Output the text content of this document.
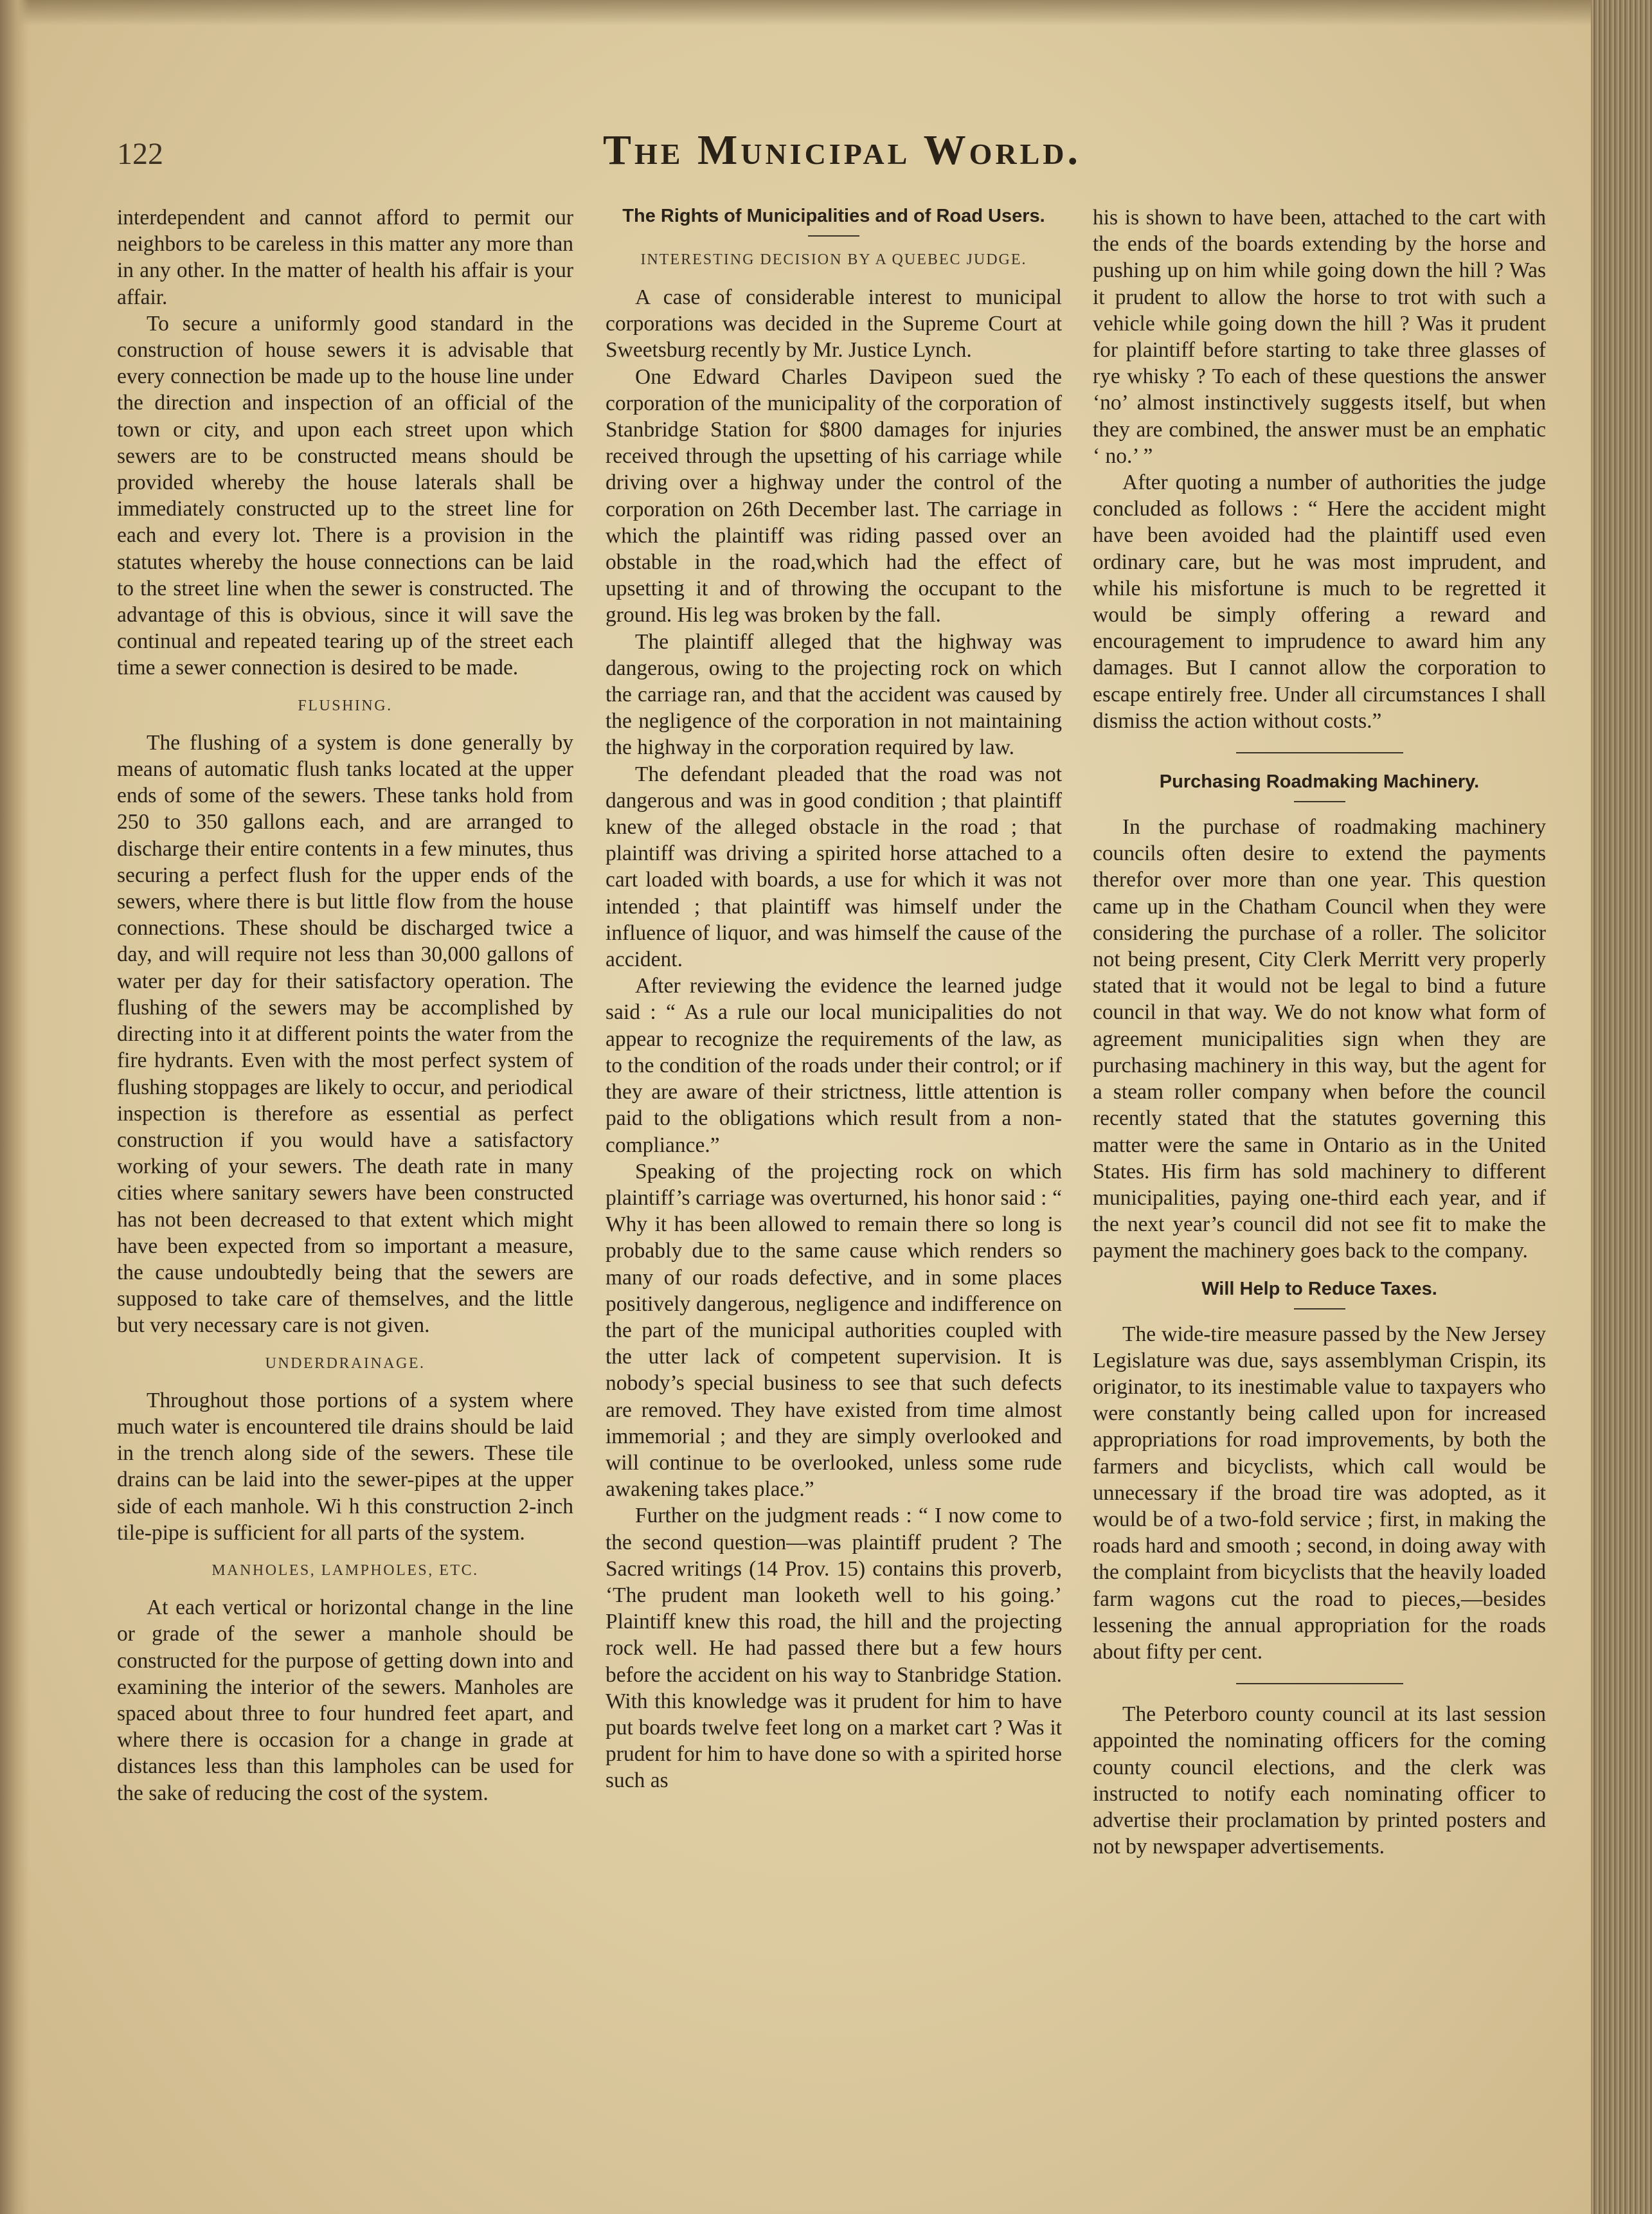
122	The Municipal World.

interdependent and cannot afford to permit our neighbors to be careless in this matter any more than in any other. In the matter of health his affair is your affair.

To secure a uniformly good standard in the construction of house sewers it is advisable that every connection be made up to the house line under the direction and inspection of an official of the town or city, and upon each street upon which sewers are to be constructed means should be provided whereby the house laterals shall be immediately constructed up to the street line for each and every lot. There is a provision in the statutes whereby the house connections can be laid to the street line when the sewer is constructed. The advantage of this is obvious, since it will save the continual and repeated tearing up of the street each time a sewer connection is desired to be made.

FLUSHING.

The flushing of a system is done generally by means of automatic flush tanks located at the upper ends of some of the sewers. These tanks hold from 250 to 350 gallons each, and are arranged to discharge their entire contents in a few minutes, thus securing a perfect flush for the upper ends of the sewers, where there is but little flow from the house connections. These should be discharged twice a day, and will require not less than 30,000 gallons of water per day for their satisfactory operation. The flushing of the sewers may be accomplished by directing into it at different points the water from the fire hydrants. Even with the most perfect system of flushing stoppages are likely to occur, and periodical inspection is therefore as essential as perfect construction if you would have a satisfactory working of your sewers. The death rate in many cities where sanitary sewers have been constructed has not been decreased to that extent which might have been expected from so important a measure, the cause undoubtedly being that the sewers are supposed to take care of themselves, and the little but very necessary care is not given.

UNDERDRAINAGE.

Throughout those portions of a system where much water is encountered tile drains should be laid in the trench along side of the sewers. These tile drains can be laid into the sewer-pipes at the upper side of each manhole. Wi h this construction 2-inch tile-pipe is sufficient for all parts of the system.

MANHOLES, LAMPHOLES, ETC.

At each vertical or horizontal change in the line or grade of the sewer a manhole should be constructed for the purpose of getting down into and examining the interior of the sewers. Manholes are spaced about three to four hundred feet apart, and where there is occasion for a change in grade at distances less than this lampholes can be used for the sake of reducing the cost of the system.

The Rights of Municipalities and of Road Users.
INTERESTING DECISION BY A QUEBEC JUDGE.

A case of considerable interest to municipal corporations was decided in the Supreme Court at Sweetsburg recently by Mr. Justice Lynch.

One Edward Charles Davipeon sued the corporation of the municipality of the corporation of Stanbridge Station for $800 damages for injuries received through the upsetting of his carriage while driving over a highway under the control of the corporation on 26th December last. The carriage in which the plaintiff was riding passed over an obstable in the road,which had the effect of upsetting it and of throwing the occupant to the ground. His leg was broken by the fall.

The plaintiff alleged that the highway was dangerous, owing to the projecting rock on which the carriage ran, and that the accident was caused by the negligence of the corporation in not maintaining the highway in the corporation required by law.

The defendant pleaded that the road was not dangerous and was in good condition ; that plaintiff knew of the alleged obstacle in the road ; that plaintiff was driving a spirited horse attached to a cart loaded with boards, a use for which it was not intended ; that plaintiff was himself under the influence of liquor, and was himself the cause of the accident.

After reviewing the evidence the learned judge said : “ As a rule our local municipalities do not appear to recognize the requirements of the law, as to the condition of the roads under their control; or if they are aware of their strictness, little attention is paid to the obligations which result from a non-compliance.”

Speaking of the projecting rock on which plaintiff’s carriage was overturned, his honor said : “ Why it has been allowed to remain there so long is probably due to the same cause which renders so many of our roads defective, and in some places positively dangerous, negligence and indifference on the part of the municipal authorities coupled with the utter lack of competent supervision. It is nobody’s special business to see that such defects are removed. They have existed from time almost immemorial ; and they are simply overlooked and will continue to be overlooked, unless some rude awakening takes place.”

Further on the judgment reads : “ I now come to the second question—was plaintiff prudent ? The Sacred writings (14 Prov. 15) contains this proverb, ‘The prudent man looketh well to his going.’ Plaintiff knew this road, the hill and the projecting rock well. He had passed there but a few hours before the accident on his way to Stanbridge Station. With this knowledge was it prudent for him to have put boards twelve feet long on a market cart ? Was it prudent for him to have done so with a spirited horse such as

his is shown to have been, attached to the cart with the ends of the boards extending by the horse and pushing up on him while going down the hill ? Was it prudent to allow the horse to trot with such a vehicle while going down the hill ? Was it prudent for plaintiff before starting to take three glasses of rye whisky ? To each of these questions the answer ‘no’ almost instinctively suggests itself, but when they are combined, the answer must be an emphatic ‘ no.’ ”

After quoting a number of authorities the judge concluded as follows : “ Here the accident might have been avoided had the plaintiff used even ordinary care, but he was most imprudent, and while his misfortune is much to be regretted it would be simply offering a reward and encouragement to imprudence to award him any damages. But I cannot allow the corporation to escape entirely free. Under all circumstances I shall dismiss the action without costs.”

Purchasing Roadmaking Machinery.

In the purchase of roadmaking machinery councils often desire to extend the payments therefor over more than one year. This question came up in the Chatham Council when they were considering the purchase of a roller. The solicitor not being present, City Clerk Merritt very properly stated that it would not be legal to bind a future council in that way. We do not know what form of agreement municipalities sign when they are purchasing machinery in this way, but the agent for a steam roller company when before the council recently stated that the statutes governing this matter were the same in Ontario as in the United States. His firm has sold machinery to different municipalities, paying one-third each year, and if the next year’s council did not see fit to make the payment the machinery goes back to the company.

Will Help to Reduce Taxes.

The wide-tire measure passed by the New Jersey Legislature was due, says assemblyman Crispin, its originator, to its inestimable value to taxpayers who were constantly being called upon for increased appropriations for road improvements, by both the farmers and bicyclists, which call would be unnecessary if the broad tire was adopted, as it would be of a two-fold service ; first, in making the roads hard and smooth ; second, in doing away with the complaint from bicyclists that the heavily loaded farm wagons cut the road to pieces,—besides lessening the annual appropriation for the roads about fifty per cent.

The Peterboro county council at its last session appointed the nominating officers for the coming county council elections, and the clerk was instructed to notify each nominating officer to advertise their proclamation by printed posters and not by newspaper advertisements.
